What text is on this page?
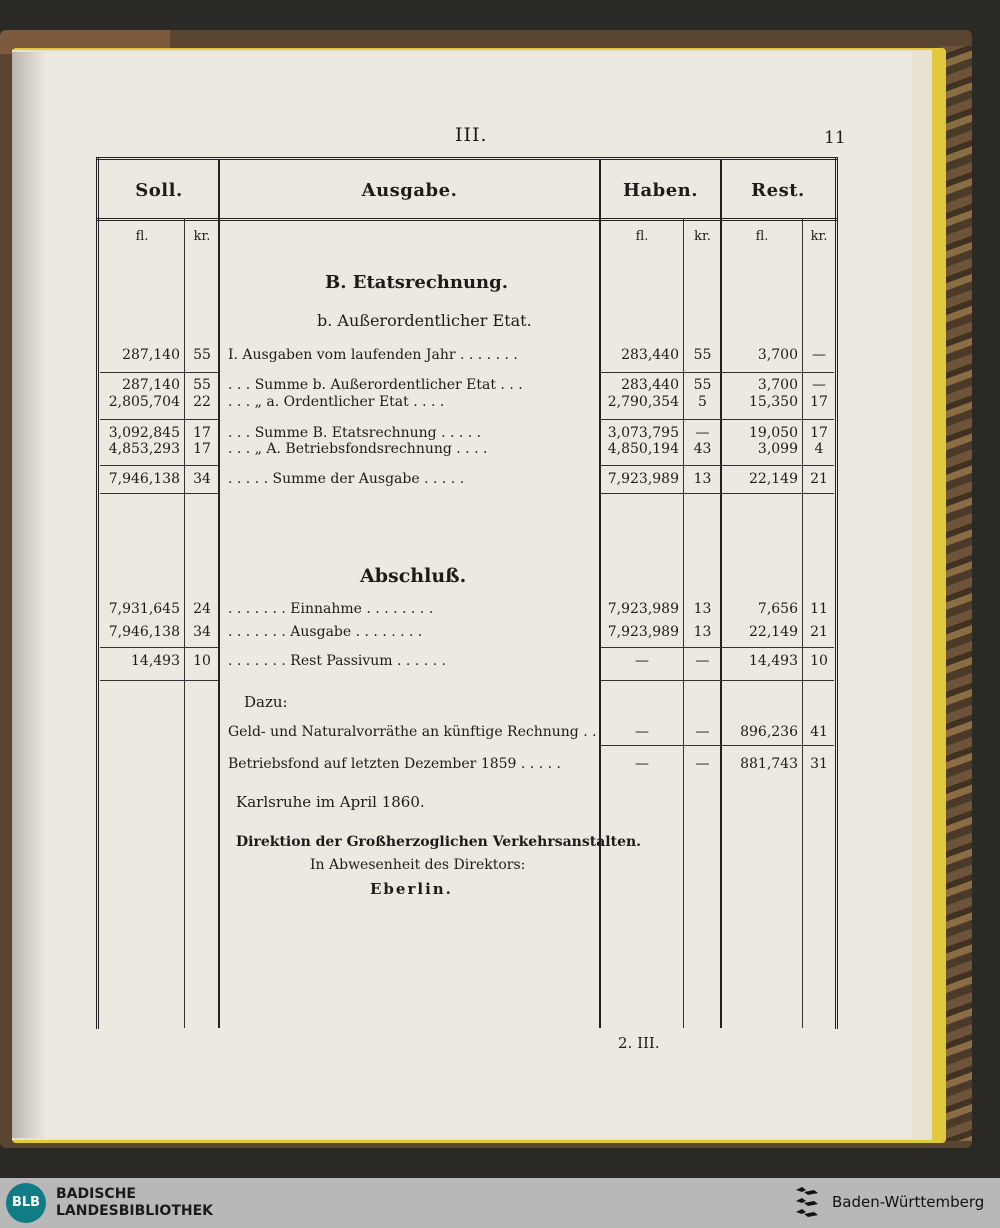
III.	11
Soll.	Ausgabe.	Haben.	Rest.
fl.	kr.	fl.	kr.	fl.	kr.
B. Etatsrechnung.
b. Außerordentlicher Etat.
287,140 55	I. Ausgaben vom laufenden Jahr . . . . . . .	283,440	55	3,700	—
287,140 55	. . . Summe b. Außerordentlicher Etat . . .	283,440	55	3,700	—
2,805,704 22	. . . „ a. Ordentlicher Etat . . . .	2,790,354	5	15,350 17
3,092,845 17	. . . Summe B. Etatsrechnung . . . . .	3,073,795	—	19,050 17
4,853,293 17	. . . „ A. Betriebsfondsrechnung . . . .	4,850,194	43	3,099	4
7,946,138 34	. . . . . Summe der Ausgabe . . . . .	7,923,989	13	22,149 21
Abschluß.
7,931,645 24	. . . . . . . Einnahme . . . . . . . .	7,923,989	13	7,656 11
7,946,138 34	. . . . . . . Ausgabe . . . . . . . .	7,923,989	13	22,149 21
14,493 10	. . . . . . . Rest Passivum . . . . . .	—	—	14,493 10
Dazu:
Geld- und Naturalvorräthe an künftige Rechnung . .	—	—	896,236 41
Betriebsfond auf letzten Dezember 1859 . . . . .	—	—	881,743 31
Karlsruhe im April 1860.
Direktion der Großherzoglichen Verkehrsanstalten.
In Abwesenheit des Direktors:
Eberlin.
2. III.
BLB
BADISCHE
LANDESBIBLIOTHEK	Baden-Württemberg
